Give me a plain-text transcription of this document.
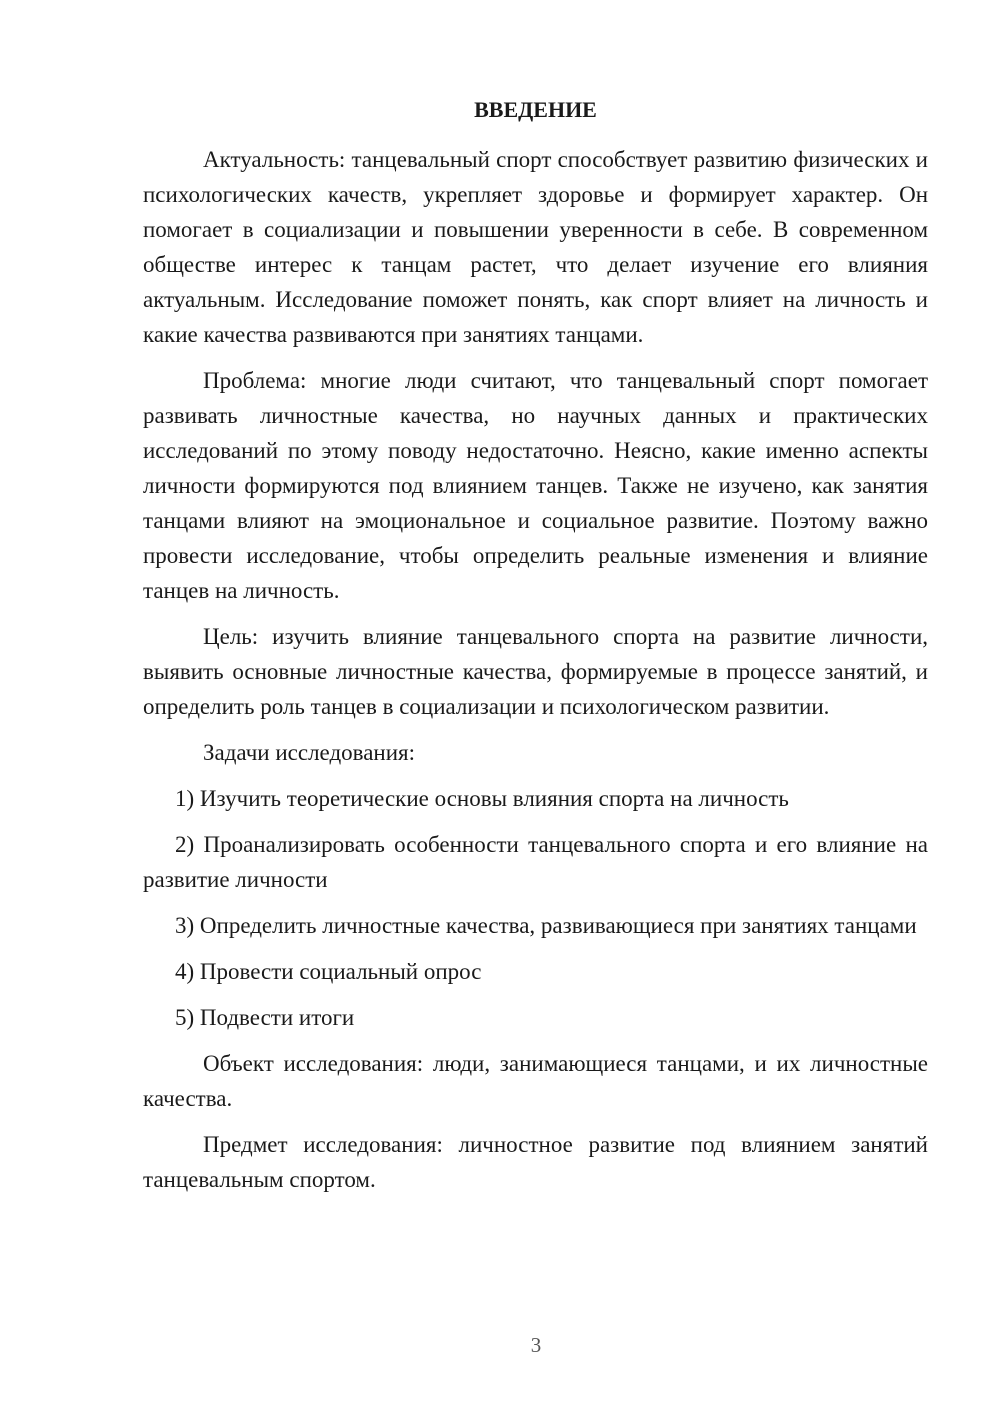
ВВЕДЕНИЕ

Актуальность: танцевальный спорт способствует развитию физических и психологических качеств, укрепляет здоровье и формирует характер. Он помогает в социализации и повышении уверенности в себе. В современном обществе интерес к танцам растет, что делает изучение его влияния актуальным. Исследование поможет понять, как спорт влияет на личность и какие качества развиваются при занятиях танцами.

Проблема: многие люди считают, что танцевальный спорт помогает развивать личностные качества, но научных данных и практических исследований по этому поводу недостаточно. Неясно, какие именно аспекты личности формируются под влиянием танцев. Также не изучено, как занятия танцами влияют на эмоциональное и социальное развитие. Поэтому важно провести исследование, чтобы определить реальные изменения и влияние танцев на личность.

Цель: изучить влияние танцевального спорта на развитие личности, выявить основные личностные качества, формируемые в процессе занятий, и определить роль танцев в социализации и психологическом развитии.

Задачи исследования:

1) Изучить теоретические основы влияния спорта на личность

2) Проанализировать особенности танцевального спорта и его влияние на развитие личности

3) Определить личностные качества, развивающиеся при занятиях танцами

4) Провести социальный опрос

5) Подвести итоги

Объект исследования: люди, занимающиеся танцами, и их личностные качества.

Предмет исследования: личностное развитие под влиянием занятий танцевальным спортом.

3
